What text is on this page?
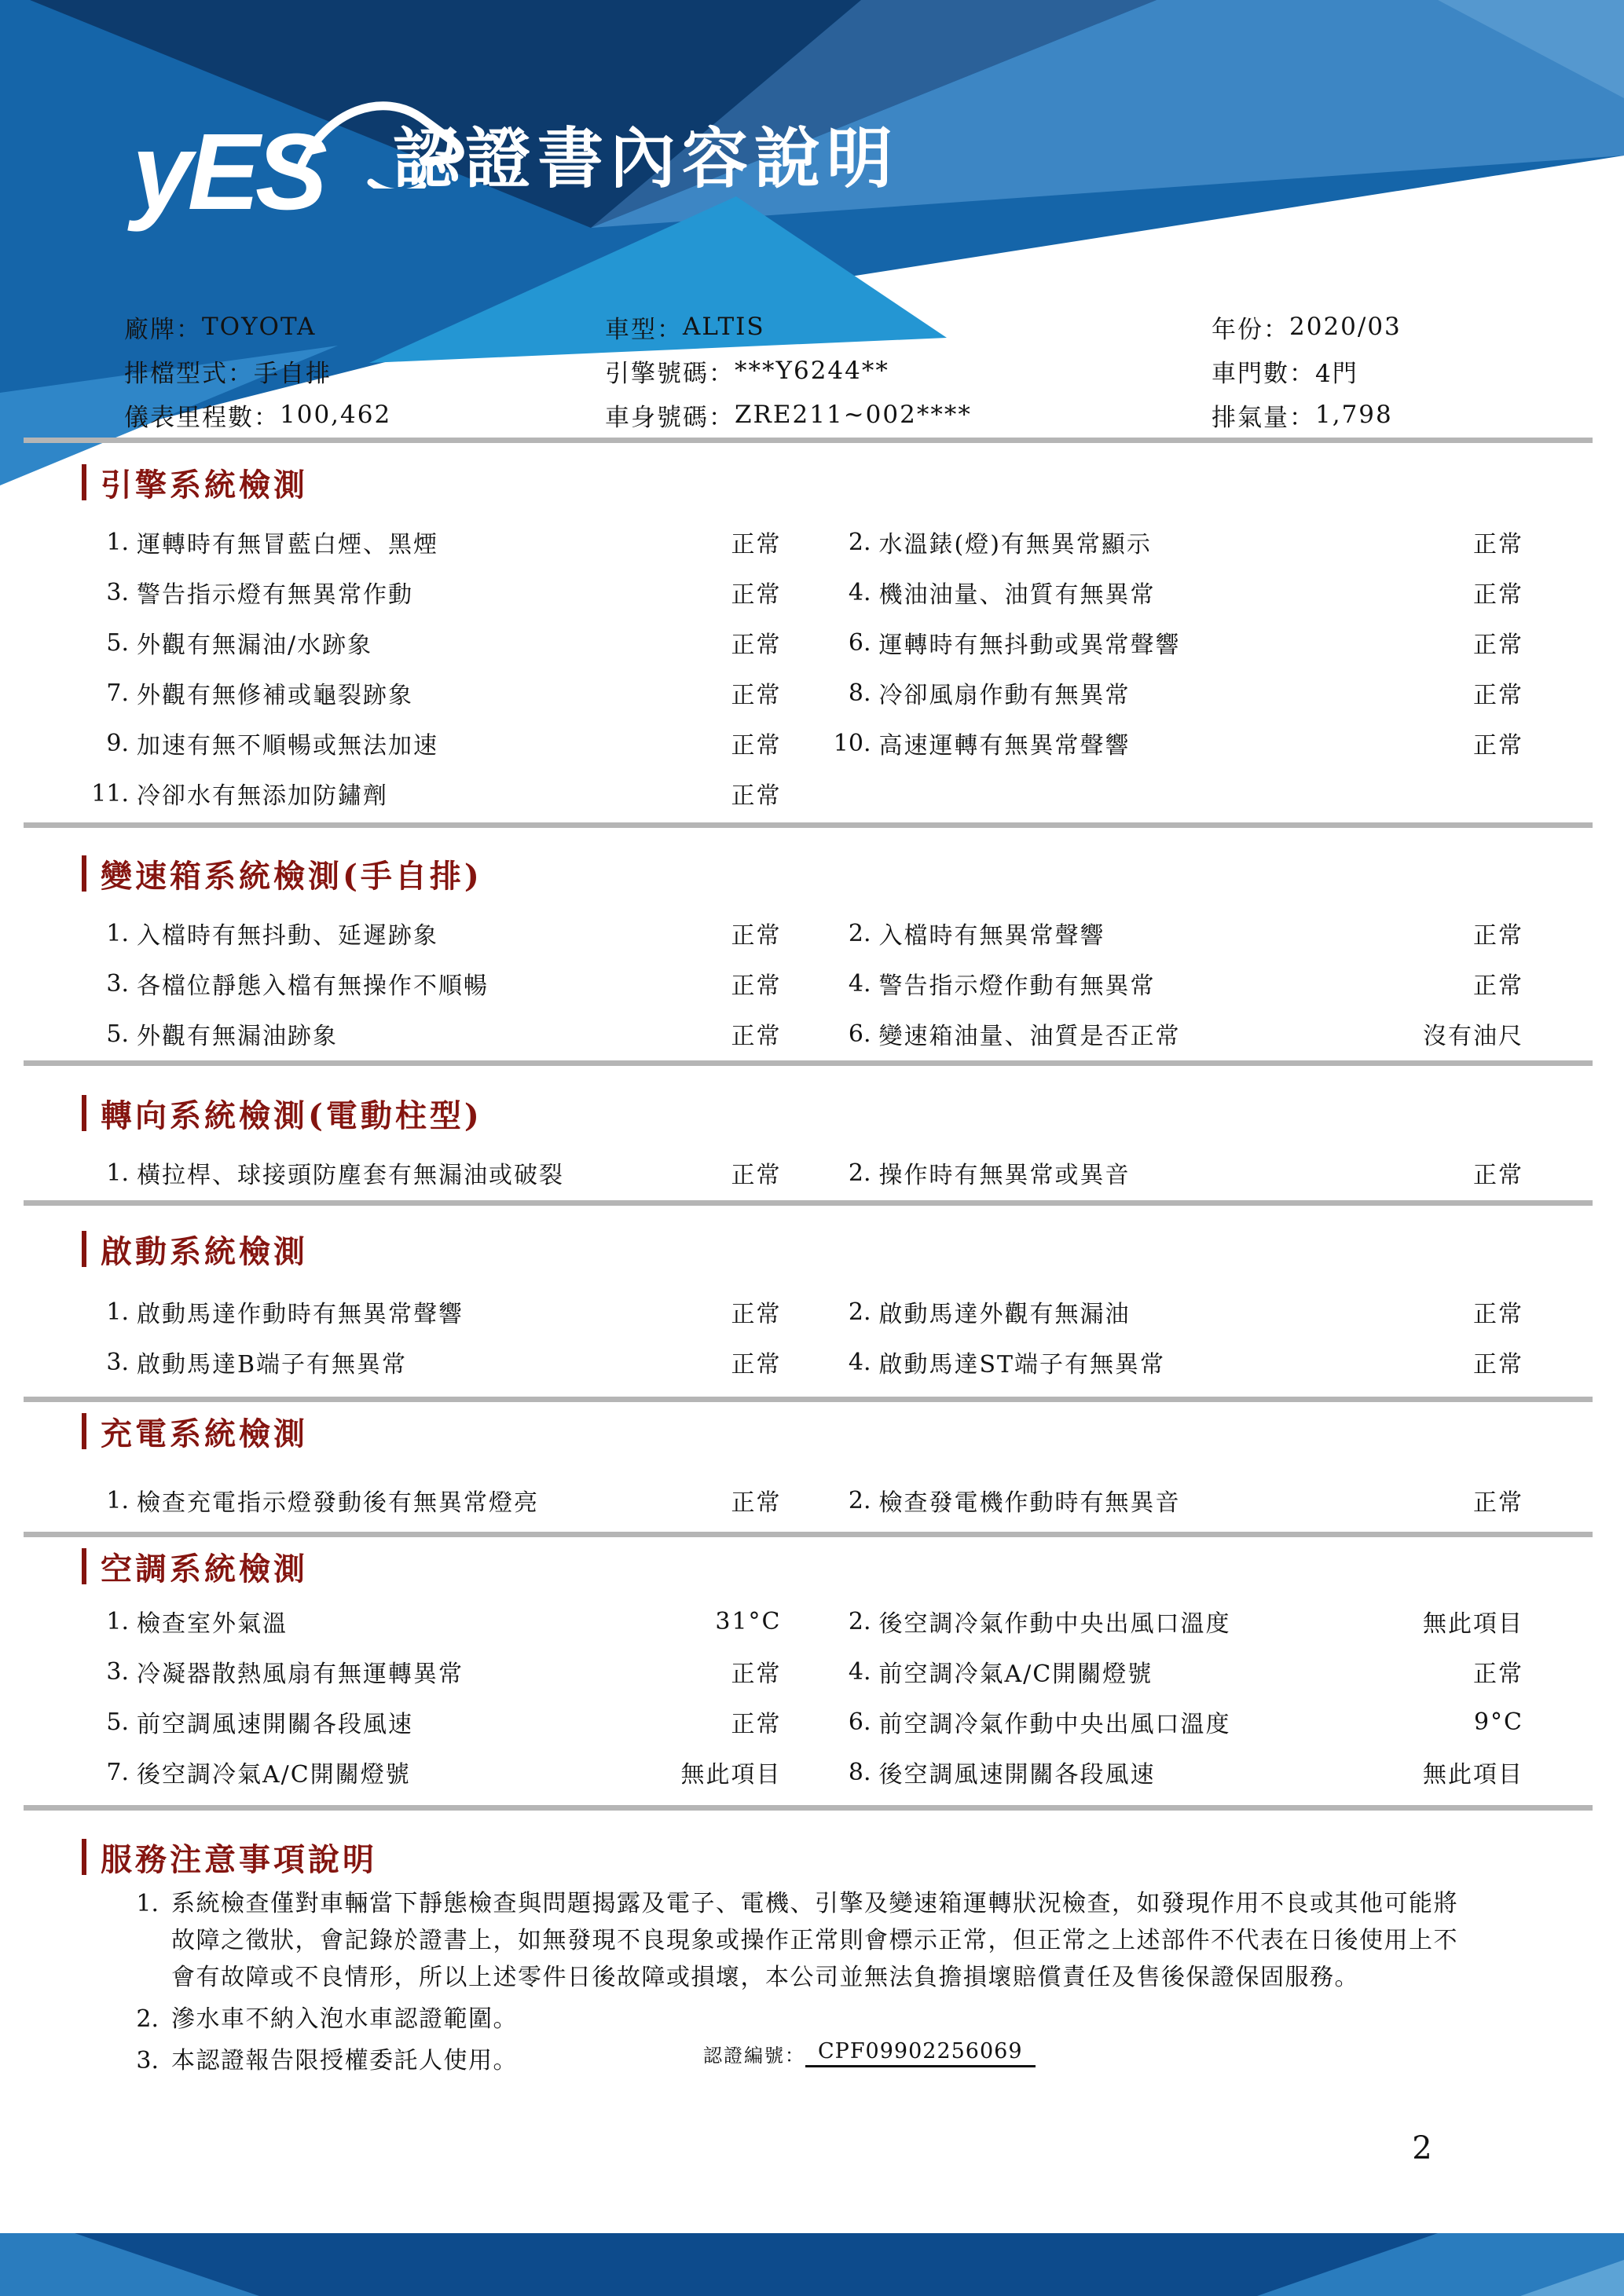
yES 認證書內容說明
廠牌 ： TOYOTA	車型 ： ALTIS	年份 ： 2020/03
排檔型式 ： 手自排	引擎號碼 ： ***Y6244**	車門數 ： 4門
儀表里程數 ： 100,462	車身號碼 ： ZRE211~002****	排氣量 ： 1,798
引擎系統檢測
1. 運轉時有無冒藍白煙、黑煙	正常	2. 水溫錶(燈)有無異常顯示	正常
3. 警告指示燈有無異常作動	正常	4. 機油油量、油質有無異常	正常
5. 外觀有無漏油/水跡象	正常	6. 運轉時有無抖動或異常聲響	正常
7. 外觀有無修補或龜裂跡象	正常	8. 冷卻風扇作動有無異常	正常
9. 加速有無不順暢或無法加速	正常 10. 高速運轉有無異常聲響	正常
11. 冷卻水有無添加防鏽劑	正常
變速箱系統檢測(手自排)
1. 入檔時有無抖動、延遲跡象	正常	2. 入檔時有無異常聲響	正常
3. 各檔位靜態入檔有無操作不順暢	正常	4. 警告指示燈作動有無異常	正常
5. 外觀有無漏油跡象	正常	6. 變速箱油量、油質是否正常	沒有油尺
轉向系統檢測(電動柱型)
1. 橫拉桿、球接頭防塵套有無漏油或破裂	正常	2. 操作時有無異常或異音	正常
啟動系統檢測
1. 啟動馬達作動時有無異常聲響	正常	2. 啟動馬達外觀有無漏油	正常
3. 啟動馬達B端子有無異常	正常	4. 啟動馬達ST端子有無異常	正常
充電系統檢測
1. 檢查充電指示燈發動後有無異常燈亮	正常	2. 檢查發電機作動時有無異音	正常
空調系統檢測
1. 檢查室外氣溫	31°C	2. 後空調冷氣作動中央出風口溫度	無此項目
3. 冷凝器散熱風扇有無運轉異常	正常	4. 前空調冷氣A/C開關燈號	正常
5. 前空調風速開關各段風速	正常	6. 前空調冷氣作動中央出風口溫度	9°C
7. 後空調冷氣A/C開關燈號	無此項目	8. 後空調風速開關各段風速	無此項目
服務注意事項說明
1. 系統檢查僅對車輛當下靜態檢查與問題揭露及電子、電機、引擎及變速箱運轉狀況檢查，如發現作用不良或其他可能將故障之徵狀，會記錄於證書上，如無發現不良現象或操作正常則會標示正常，但正常之上述部件不代表在日後使用上不會有故障或不良情形，所以上述零件日後故障或損壞，本公司並無法負擔損壞賠償責任及售後保證保固服務。
2. 滲水車不納入泡水車認證範圍。
3. 本認證報告限授權委託人使用。	認證編號 ： CPF09902256069
2
